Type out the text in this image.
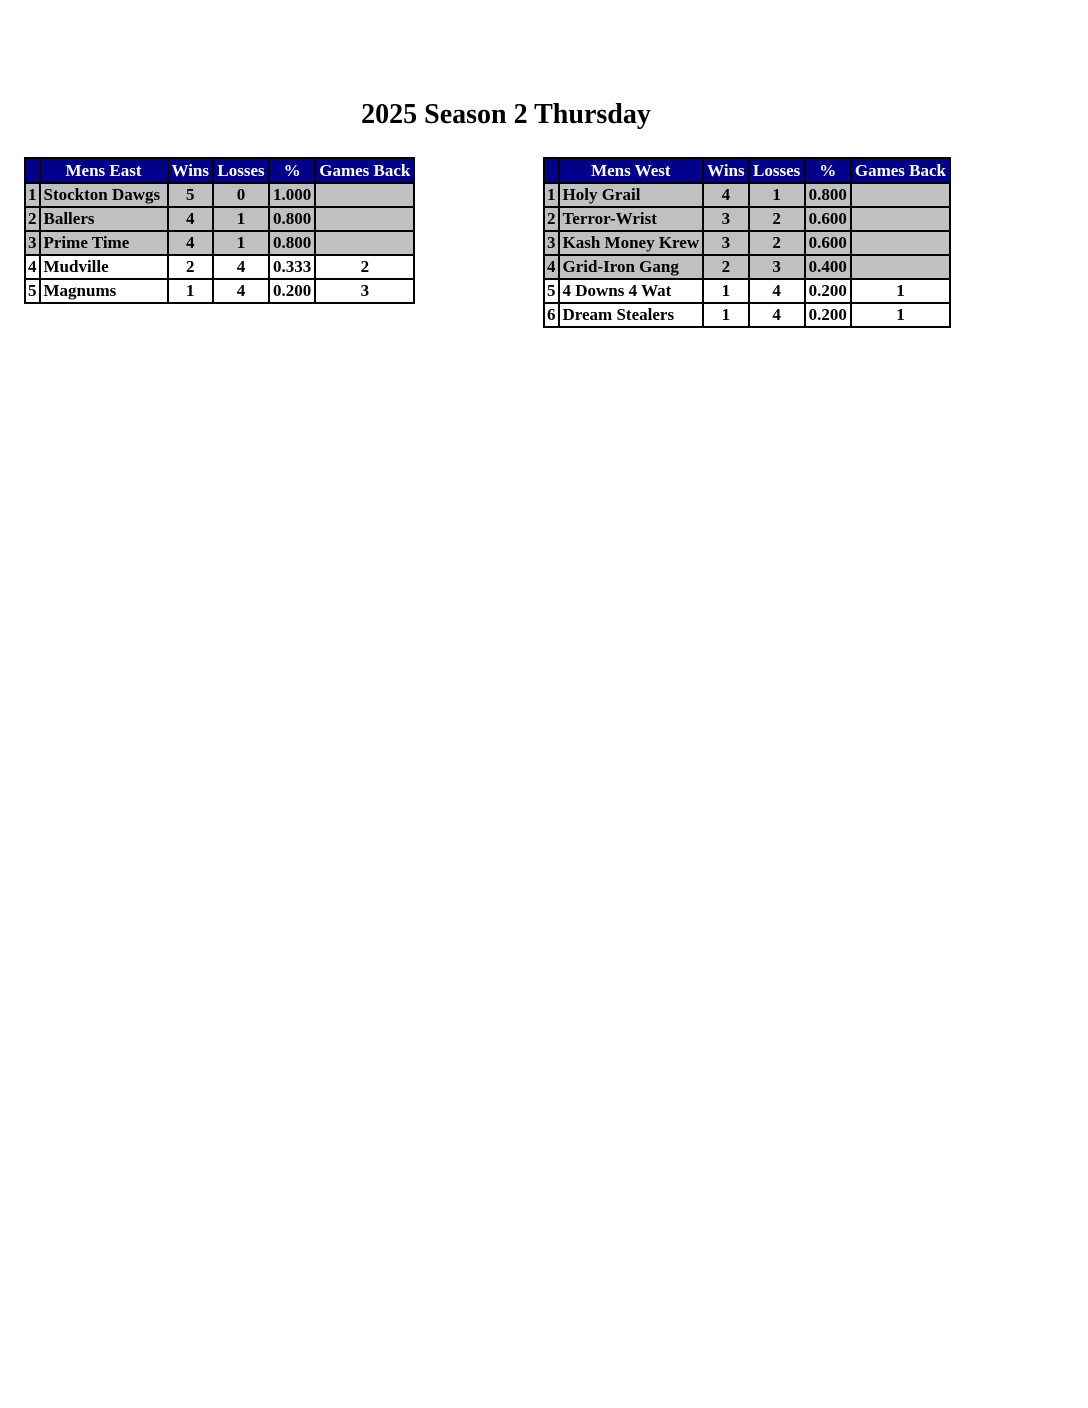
2025 Season 2 Thursday
	Mens East	Wins	Losses	%	Games Back
1	Stockton Dawgs	5	0	1.000	
2	Ballers	4	1	0.800	
3	Prime Time	4	1	0.800	
4	Mudville	2	4	0.333	2
5	Magnums	1	4	0.200	3
	Mens West	Wins	Losses	%	Games Back
1	Holy Grail	4	1	0.800	
2	Terror-Wrist	3	2	0.600	
3	Kash Money Krew	3	2	0.600	
4	Grid-Iron Gang	2	3	0.400	
5	4 Downs 4 Wat	1	4	0.200	1
6	Dream Stealers	1	4	0.200	1
